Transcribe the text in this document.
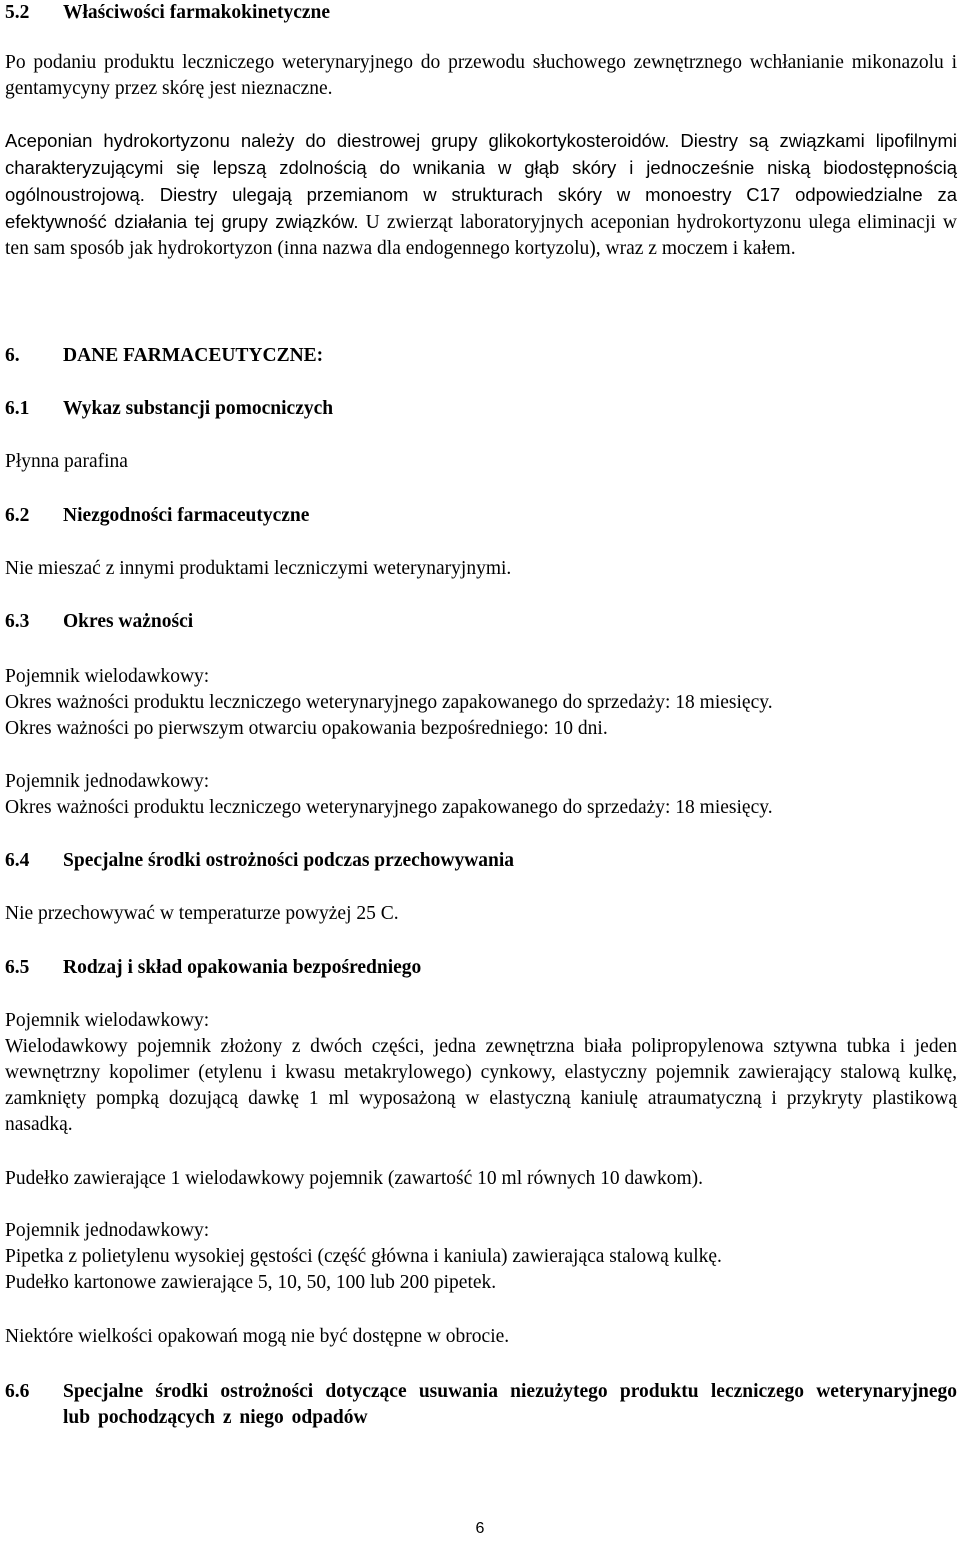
5.2 Właściwości farmakokinetyczne
Po podaniu produktu leczniczego weterynaryjnego do przewodu słuchowego zewnętrznego wchłanianie mikonazolu i gentamycyny przez skórę jest nieznaczne.
Aceponian hydrokortyzonu należy do diestrowej grupy glikokortykosteroidów. Diestry są związkami lipofilnymi charakteryzującymi się lepszą zdolnością do wnikania w głąb skóry i jednocześnie niską biodostępnością ogólnoustrojową. Diestry ulegają przemianom w strukturach skóry w monoestry C17 odpowiedzialne za efektywność działania tej grupy związków. U zwierząt laboratoryjnych aceponian hydrokortyzonu ulega eliminacji w ten sam sposób jak hydrokortyzon (inna nazwa dla endogennego kortyzolu), wraz z moczem i kałem.
6. DANE FARMACEUTYCZNE:
6.1 Wykaz substancji pomocniczych
Płynna parafina
6.2 Niezgodności farmaceutyczne
Nie mieszać z innymi produktami leczniczymi weterynaryjnymi.
6.3 Okres ważności
Pojemnik wielodawkowy:
Okres ważności produktu leczniczego weterynaryjnego zapakowanego do sprzedaży: 18 miesięcy.
Okres ważności po pierwszym otwarciu opakowania bezpośredniego: 10 dni.
Pojemnik jednodawkowy:
Okres ważności produktu leczniczego weterynaryjnego zapakowanego do sprzedaży: 18 miesięcy.
6.4 Specjalne środki ostrożności podczas przechowywania
Nie przechowywać w temperaturze powyżej 25 C.
6.5 Rodzaj i skład opakowania bezpośredniego
Pojemnik wielodawkowy:
Wielodawkowy pojemnik złożony z dwóch części, jedna zewnętrzna biała polipropylenowa sztywna tubka i jeden wewnętrzny kopolimer (etylenu i kwasu metakrylowego) cynkowy, elastyczny pojemnik zawierający stalową kulkę, zamknięty pompką dozującą dawkę 1 ml wyposażoną w elastyczną kaniulę atraumatyczną i przykryty plastikową nasadką.
Pudełko zawierające 1 wielodawkowy pojemnik (zawartość 10 ml równych 10 dawkom).
Pojemnik jednodawkowy:
Pipetka z polietylenu wysokiej gęstości (część główna i kaniula) zawierająca stalową kulkę.
Pudełko kartonowe zawierające 5, 10, 50, 100 lub 200 pipetek.
Niektóre wielkości opakowań mogą nie być dostępne w obrocie.
6.6	Specjalne środki ostrożności dotyczące usuwania niezużytego produktu leczniczego weterynaryjnego lub pochodzących z niego odpadów
6
